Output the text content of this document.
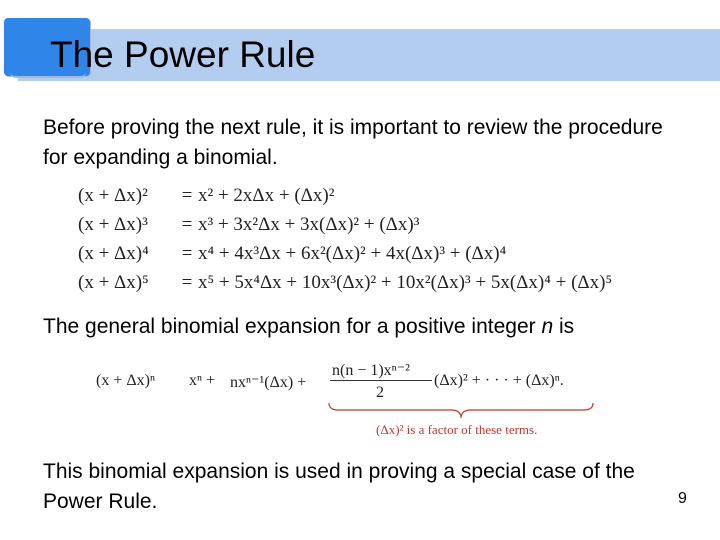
The Power Rule
Before proving the next rule, it is important to review the procedure for expanding a binomial.
(x + Δx)² = x² + 2xΔx + (Δx)²
(x + Δx)³ = x³ + 3x²Δx + 3x(Δx)² + (Δx)³
(x + Δx)⁴ = x⁴ + 4x³Δx + 6x²(Δx)² + 4x(Δx)³ + (Δx)⁴
(x + Δx)⁵ = x⁵ + 5x⁴Δx + 10x³(Δx)² + 10x²(Δx)³ + 5x(Δx)⁴ + (Δx)⁵
The general binomial expansion for a positive integer n is
(x + Δx)ⁿ xⁿ + nxⁿ⁻¹(Δx) +
n(n − 1)xⁿ⁻²
2
(Δx)² + · · · + (Δx)ⁿ.
(Δx)² is a factor of these terms.
This binomial expansion is used in proving a special case of the Power Rule.	9
